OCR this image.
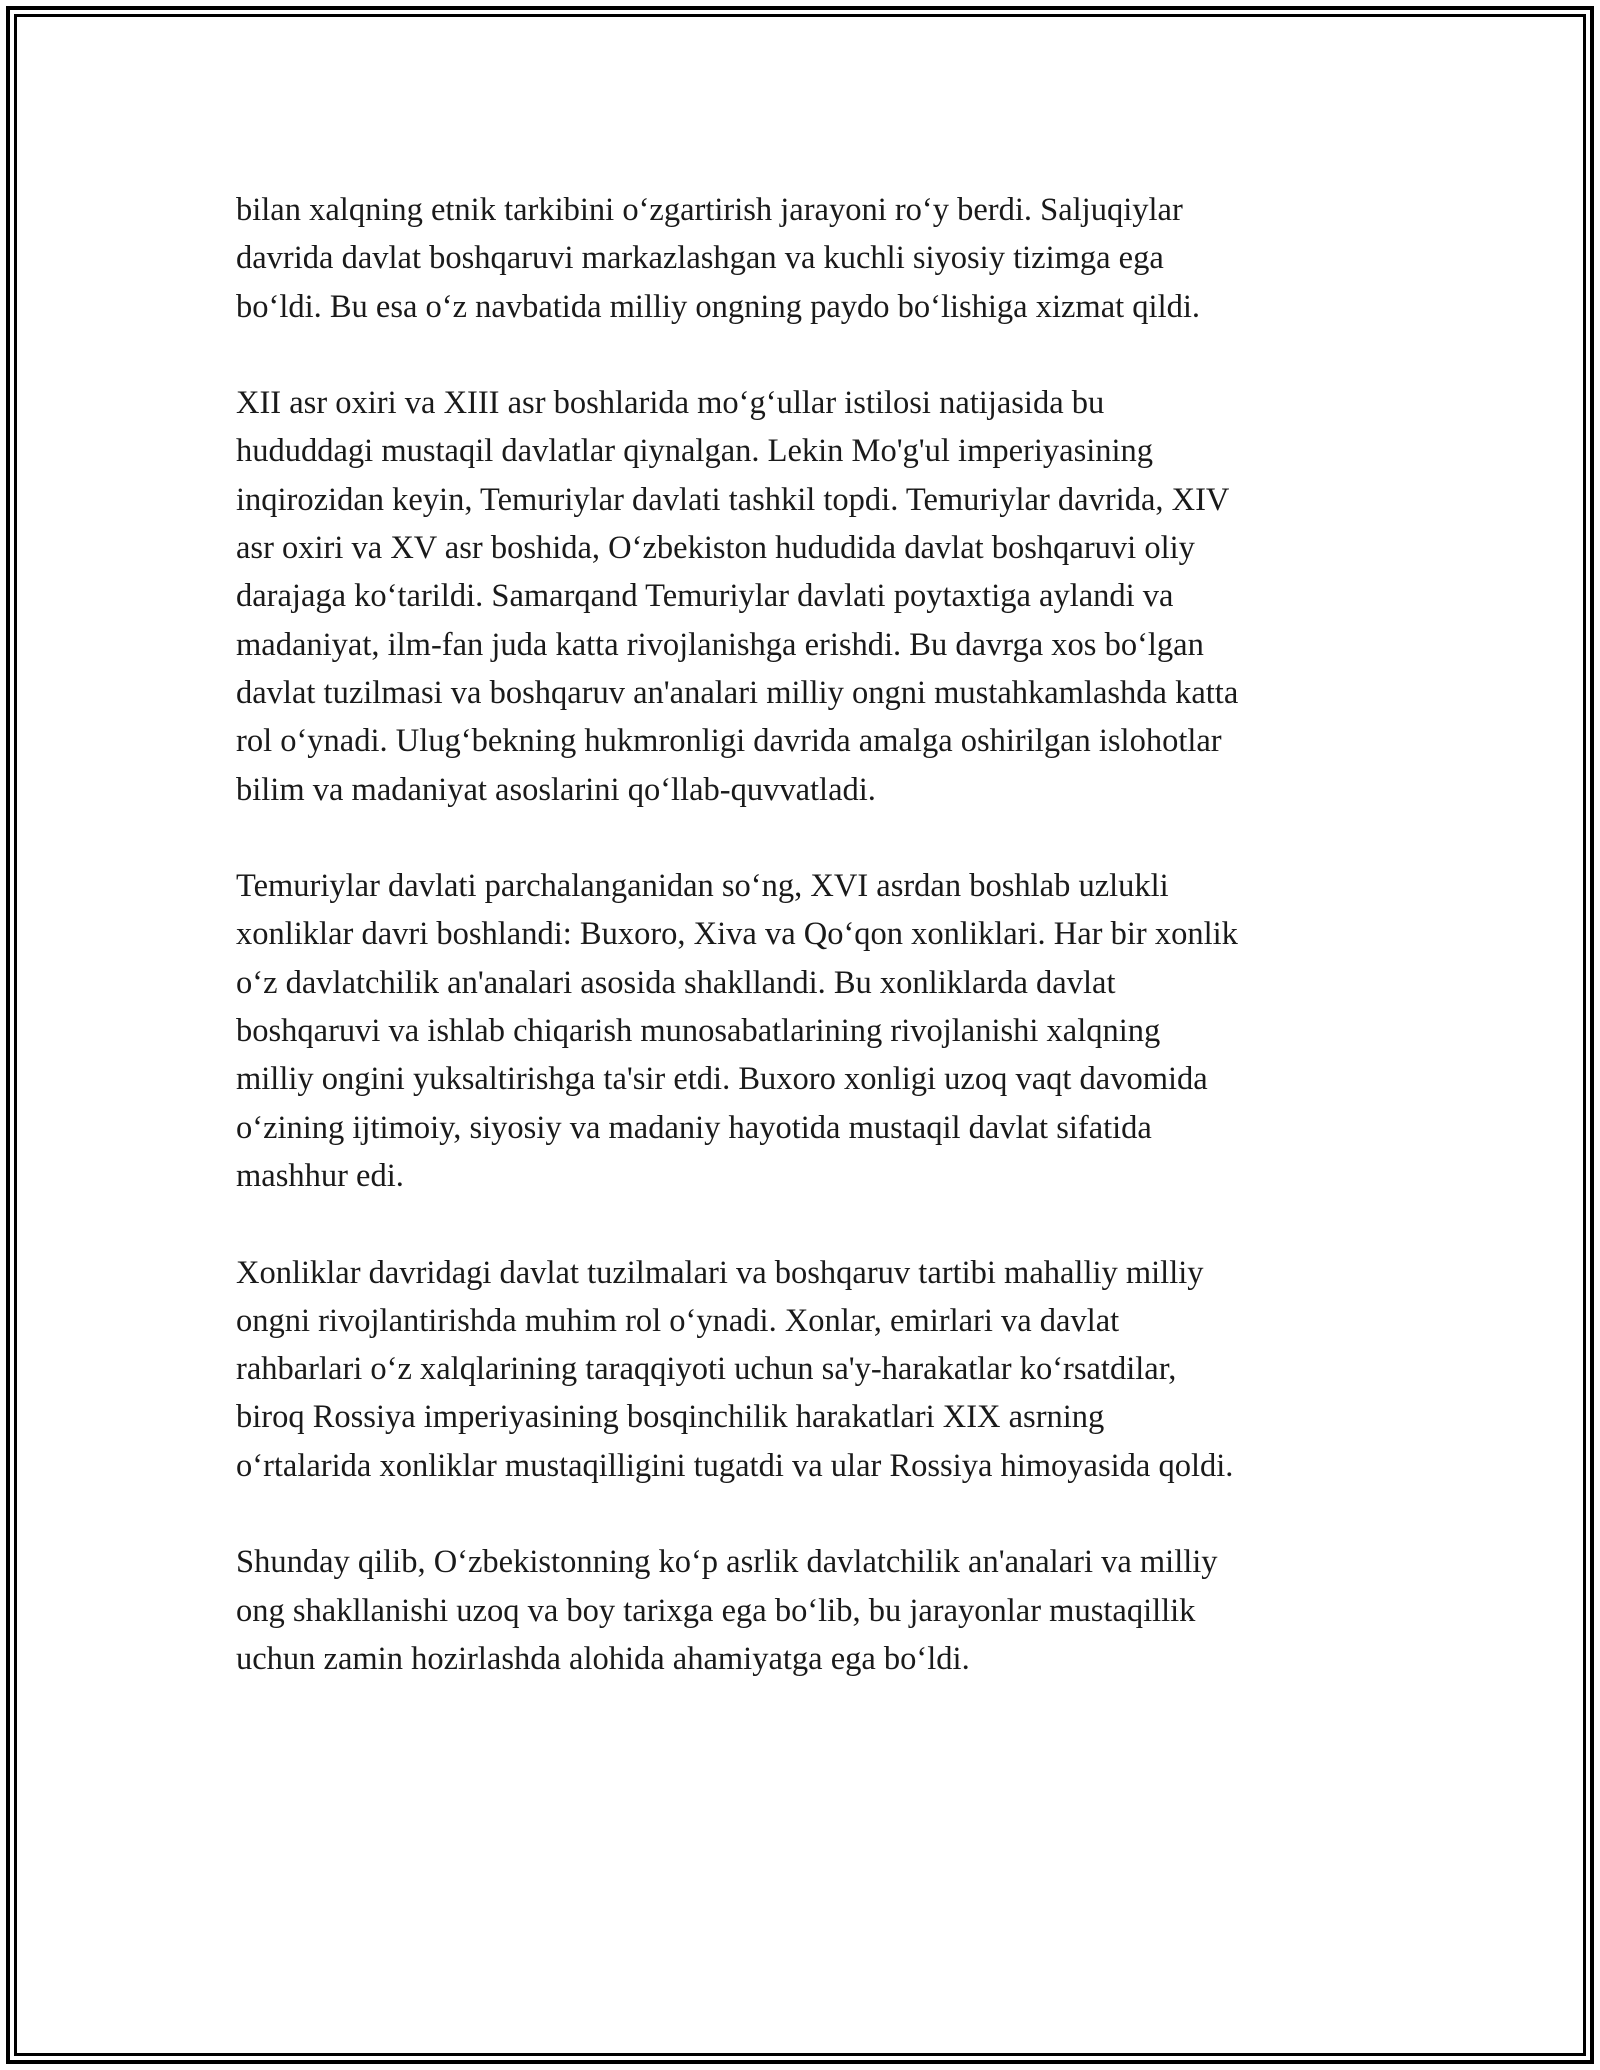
bilan xalqning etnik tarkibini o‘zgartirish jarayoni ro‘y berdi. Saljuqiylar
davrida davlat boshqaruvi markazlashgan va kuchli siyosiy tizimga ega
bo‘ldi. Bu esa o‘z navbatida milliy ongning paydo bo‘lishiga xizmat qildi.

XII asr oxiri va XIII asr boshlarida mo‘g‘ullar istilosi natijasida bu
hududdagi mustaqil davlatlar qiynalgan. Lekin Mo'g'ul imperiyasining
inqirozidan keyin, Temuriylar davlati tashkil topdi. Temuriylar davrida, XIV
asr oxiri va XV asr boshida, O‘zbekiston hududida davlat boshqaruvi oliy
darajaga ko‘tarildi. Samarqand Temuriylar davlati poytaxtiga aylandi va
madaniyat, ilm-fan juda katta rivojlanishga erishdi. Bu davrga xos bo‘lgan
davlat tuzilmasi va boshqaruv an'analari milliy ongni mustahkamlashda katta
rol o‘ynadi. Ulug‘bekning hukmronligi davrida amalga oshirilgan islohotlar
bilim va madaniyat asoslarini qo‘llab-quvvatladi.

Temuriylar davlati parchalanganidan so‘ng, XVI asrdan boshlab uzlukli
xonliklar davri boshlandi: Buxoro, Xiva va Qo‘qon xonliklari. Har bir xonlik
o‘z davlatchilik an'analari asosida shakllandi. Bu xonliklarda davlat
boshqaruvi va ishlab chiqarish munosabatlarining rivojlanishi xalqning
milliy ongini yuksaltirishga ta'sir etdi. Buxoro xonligi uzoq vaqt davomida
o‘zining ijtimoiy, siyosiy va madaniy hayotida mustaqil davlat sifatida
mashhur edi.

Xonliklar davridagi davlat tuzilmalari va boshqaruv tartibi mahalliy milliy
ongni rivojlantirishda muhim rol o‘ynadi. Xonlar, emirlari va davlat
rahbarlari o‘z xalqlarining taraqqiyoti uchun sa'y-harakatlar ko‘rsatdilar,
biroq Rossiya imperiyasining bosqinchilik harakatlari XIX asrning
o‘rtalarida xonliklar mustaqilligini tugatdi va ular Rossiya himoyasida qoldi.

Shunday qilib, O‘zbekistonning ko‘p asrlik davlatchilik an'analari va milliy
ong shakllanishi uzoq va boy tarixga ega bo‘lib, bu jarayonlar mustaqillik
uchun zamin hozirlashda alohida ahamiyatga ega bo‘ldi.
